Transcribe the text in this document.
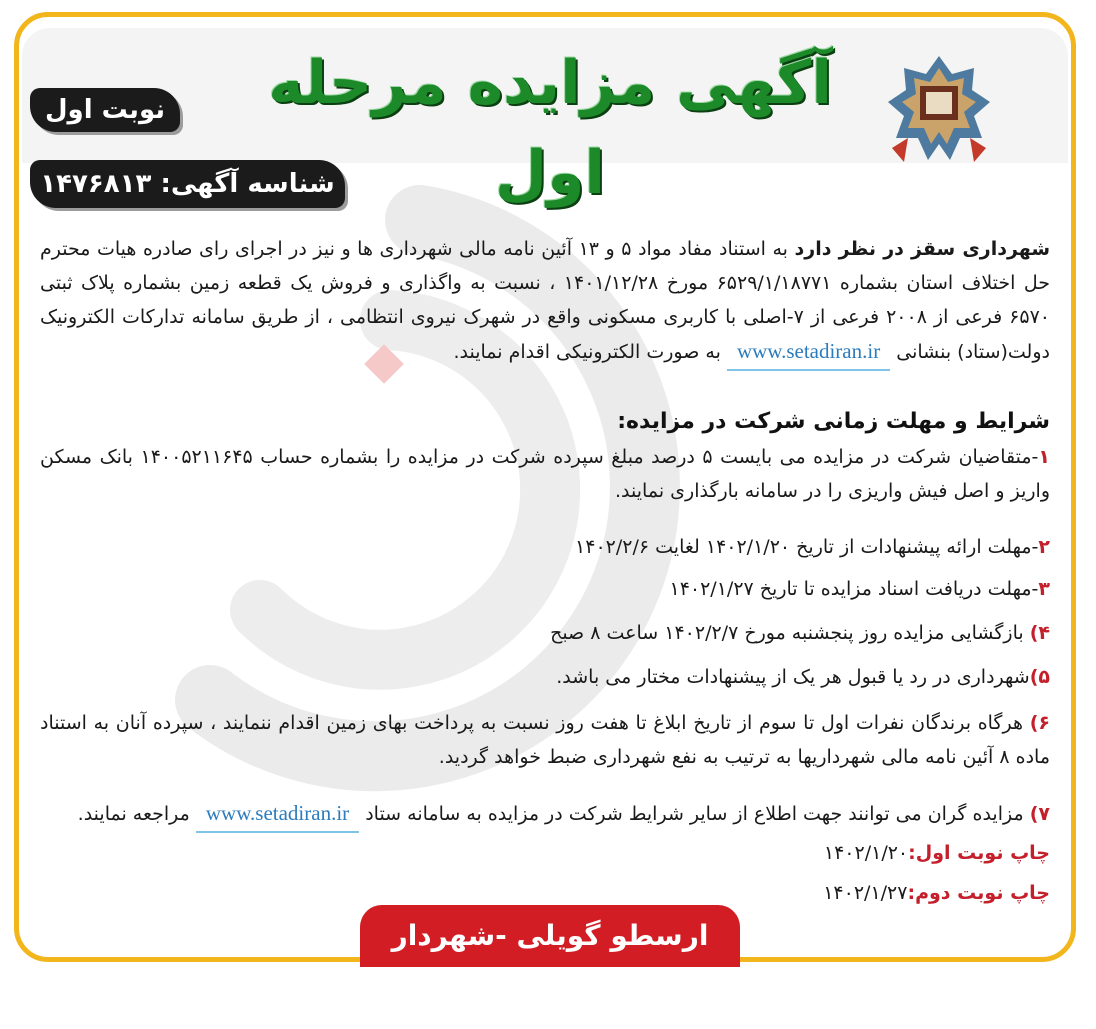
آگهی مزایده مرحله اول
نوبت اول
شناسه آگهی: ۱۴۷۶۸۱۳
شهرداری سقز در نظر دارد به استناد مفاد مواد ۵ و ۱۳ آئین نامه مالی شهرداری ها و نیز در اجرای رای صادره هیات محترم حل اختلاف استان بشماره ۶۵۲۹/۱/۱۸۷۷۱ مورخ ۱۴۰۱/۱۲/۲۸ ، نسبت به واگذاری و فروش یک قطعه زمین بشماره پلاک ثبتی ۶۵۷۰ فرعی از ۲۰۰۸ فرعی از ۷-اصلی با کاربری مسکونی واقع در شهرک نیروی انتظامی ، از طریق سامانه تدارکات الکترونیک دولت(ستاد) بنشانی www.setadiran.ir به صورت الکترونیکی اقدام نمایند.
شرایط و مهلت زمانی شرکت در مزایده:
۱-متقاضیان شرکت در مزایده می بایست ۵ درصد مبلغ سپرده شرکت در مزایده را بشماره حساب ۱۴۰۰۵۲۱۱۶۴۵ بانک مسکن واریز و اصل فیش واریزی را در سامانه بارگذاری نمایند.
۲-مهلت ارائه پیشنهادات از تاریخ ۱۴۰۲/۱/۲۰ لغایت ۱۴۰۲/۲/۶
۳-مهلت دریافت اسناد مزایده تا تاریخ ۱۴۰۲/۱/۲۷
۴) بازگشایی مزایده روز پنجشنبه مورخ ۱۴۰۲/۲/۷ ساعت ۸ صبح
۵)شهرداری در رد یا قبول هر یک از پیشنهادات مختار می باشد.
۶) هرگاه برندگان نفرات اول تا سوم از تاریخ ابلاغ تا هفت روز نسبت به پرداخت بهای زمین اقدام ننمایند ، سپرده آنان به استناد ماده ۸ آئین نامه مالی شهرداریها به ترتیب به نفع شهرداری ضبط خواهد گردید.
۷) مزایده گران می توانند جهت اطلاع از سایر شرایط شرکت در مزایده به سامانه ستاد www.setadiran.ir مراجعه نمایند.
چاپ نوبت اول:۱۴۰۲/۱/۲۰
چاپ نوبت دوم:۱۴۰۲/۱/۲۷
ارسطو گویلی -شهردار سقز
